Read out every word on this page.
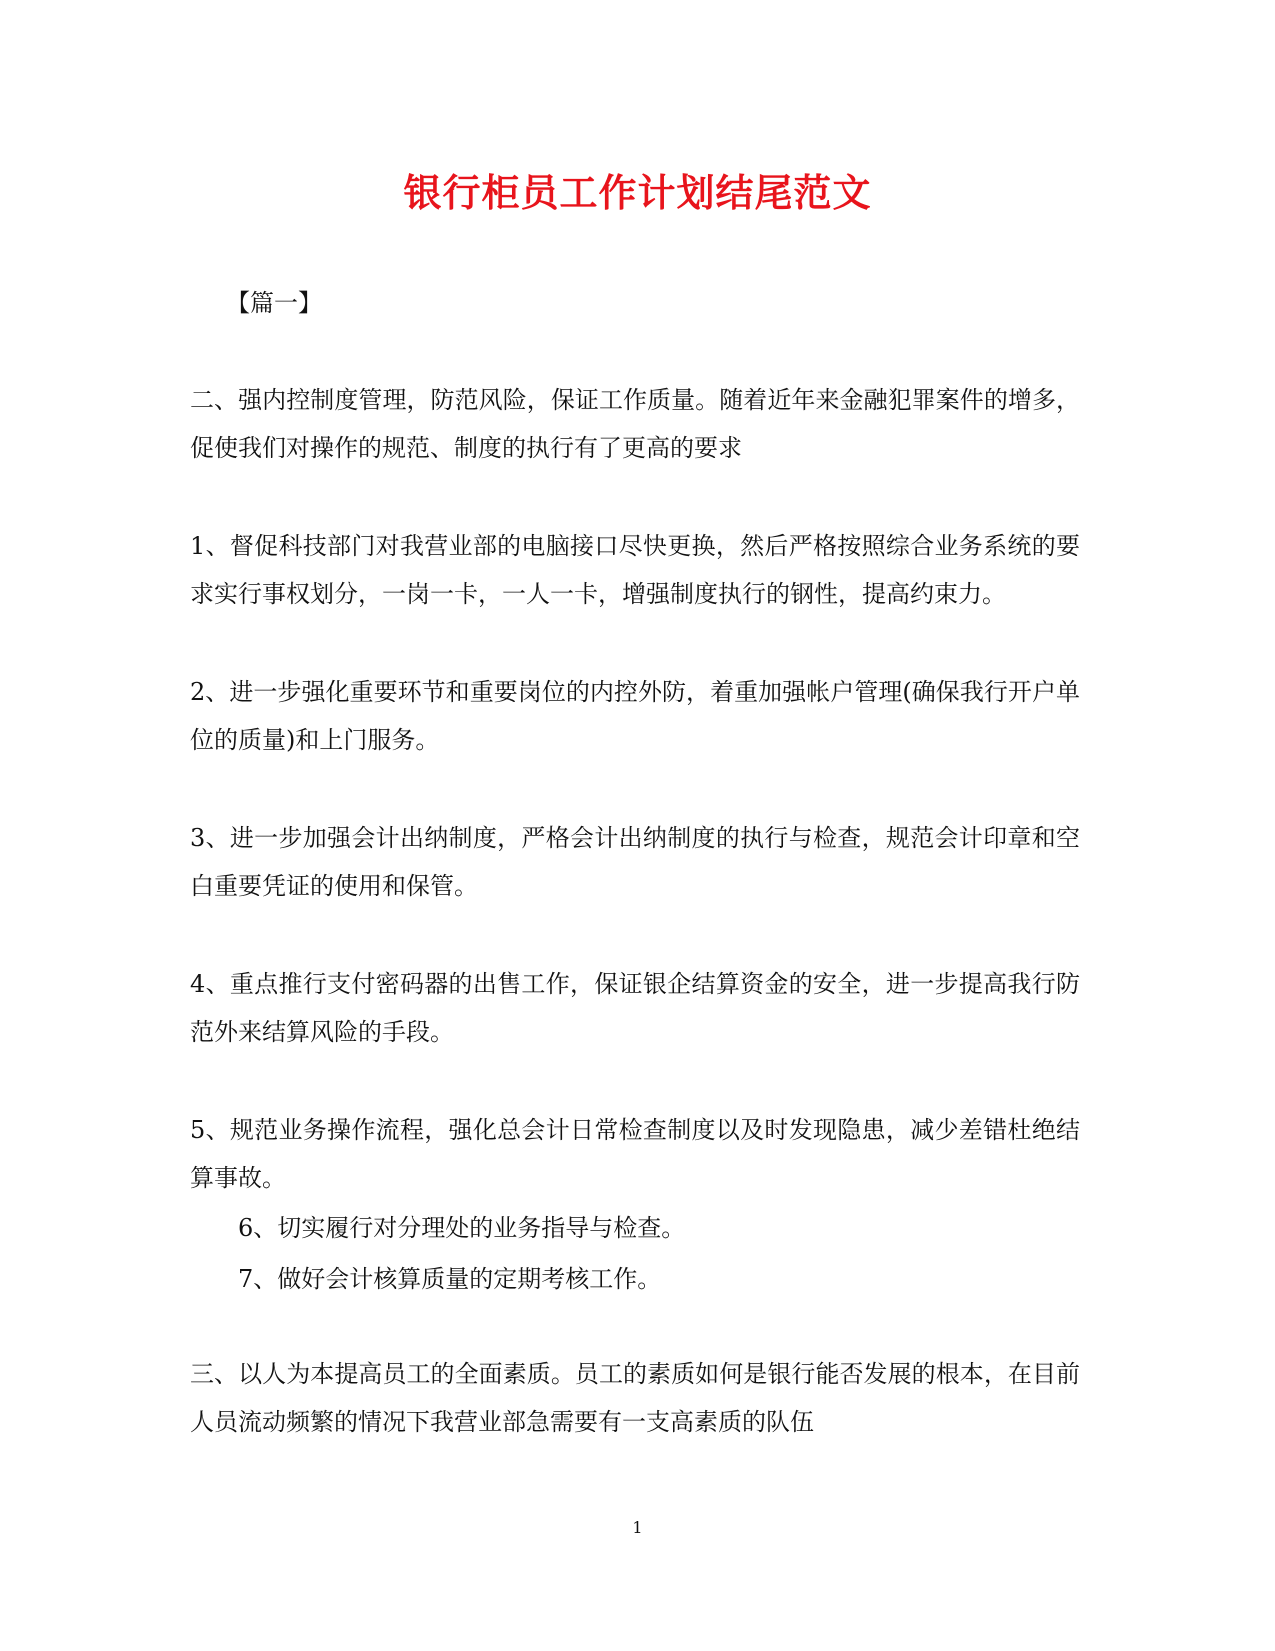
银行柜员工作计划结尾范文
【篇一】

二、强内控制度管理，防范风险，保证工作质量。随着近年来金融犯罪案件的增多，促使我们对操作的规范、制度的执行有了更高的要求

1、督促科技部门对我营业部的电脑接口尽快更换，然后严格按照综合业务系统的要求实行事权划分，一岗一卡，一人一卡，增强制度执行的钢性，提高约束力。

2、进一步强化重要环节和重要岗位的内控外防，着重加强帐户管理(确保我行开户单位的质量)和上门服务。

3、进一步加强会计出纳制度，严格会计出纳制度的执行与检查，规范会计印章和空白重要凭证的使用和保管。

4、重点推行支付密码器的出售工作，保证银企结算资金的安全，进一步提高我行防范外来结算风险的手段。

5、规范业务操作流程，强化总会计日常检查制度以及时发现隐患，减少差错杜绝结算事故。

6、切实履行对分理处的业务指导与检查。

7、做好会计核算质量的定期考核工作。

三、以人为本提高员工的全面素质。员工的素质如何是银行能否发展的根本，在目前人员流动频繁的情况下我营业部急需要有一支高素质的队伍

1
